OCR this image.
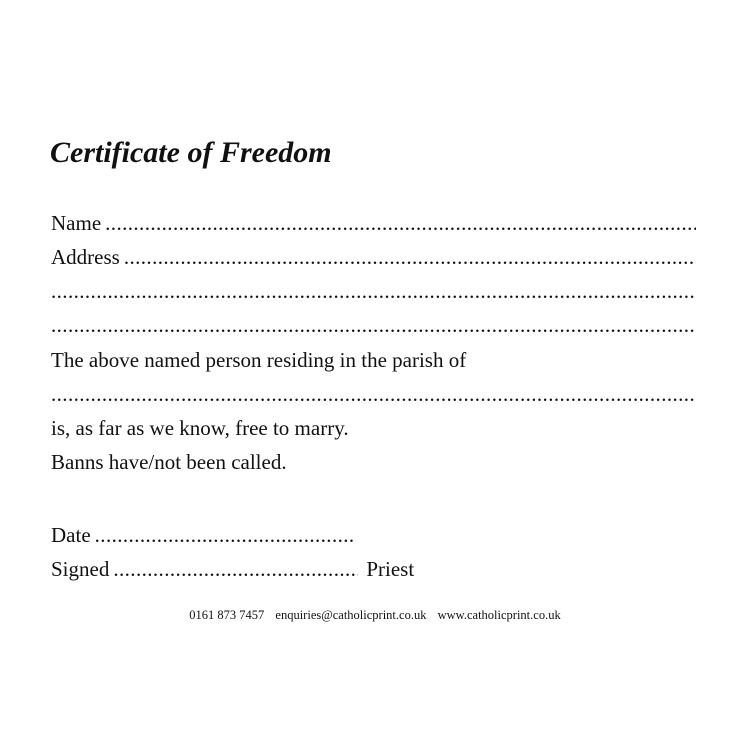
Certificate of Freedom
Name
.....
Address
.....
.....
.....
The above named person residing in the parish of
.....
is, as far as we know, free to marry.
Banns have/not been called.
Date
.....
Signed
.....	Priest
0161 873 7457 enquiries@catholicprint.co.uk www.catholicprint.co.uk
